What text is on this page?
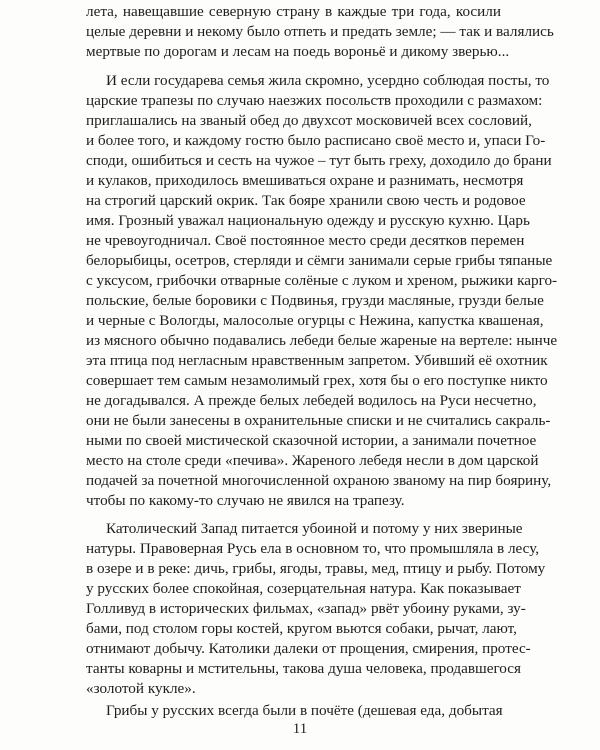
лета, навещавшие северную страну в каждые три года, косили
целые деревни и некому было отпеть и предать земле; — так и валялись
мертвые по дорогам и лесам на поедь вороньё и дикому зверью...
И если государева семья жила скромно, усердно соблюдая посты, то
царские трапезы по случаю наезжих посольств проходили с размахом:
приглашались на званый обед до двухсот московичей всех сословий,
и более того, и каждому гостю было расписано своё место и, упаси Го-
споди, ошибиться и сесть на чужое – тут быть греху, доходило до брани
и кулаков, приходилось вмешиваться охране и разнимать, несмотря
на строгий царский окрик. Так бояре хранили свою честь и родовое
имя. Грозный уважал национальную одежду и русскую кухню. Царь
не чревоугодничал. Своё постоянное место среди десятков перемен
белорыбицы, осетров, стерляди и сёмги занимали серые грибы тяпаные
с уксусом, грибочки отварные солёные с луком и хреном, рыжики карго-
польские, белые боровики с Подвинья, грузди масляные, грузди белые
и черные с Вологды, малосолые огурцы с Нежина, капустка квашеная,
из мясного обычно подавались лебеди белые жареные на вертеле: нынче
эта птица под негласным нравственным запретом. Убивший её охотник
совершает тем самым незамолимый грех, хотя бы о его поступке никто
не догадывался. А прежде белых лебедей водилось на Руси несчетно,
они не были занесены в охранительные списки и не считались сакраль-
ными по своей мистической сказочной истории, а занимали почетное
место на столе среди «печива». Жареного лебедя несли в дом царской
подачей за почетной многочисленной охраною званому на пир боярину,
чтобы по какому-то случаю не явился на трапезу.
Католический Запад питается убоиной и потому у них звериные
натуры. Правоверная Русь ела в основном то, что промышляла в лесу,
в озере и в реке: дичь, грибы, ягоды, травы, мед, птицу и рыбу. Потому
у русских более спокойная, созерцательная натура. Как показывает
Голливуд в исторических фильмах, «запад» рвёт убоину руками, зу-
бами, под столом горы костей, кругом вьются собаки, рычат, лают,
отнимают добычу. Католики далеки от прощения, смирения, протес-
танты коварны и мстительны, такова душа человека, продавшегося
«золотой кукле».
Грибы у русских всегда были в почёте (дешевая еда, добытая
11
